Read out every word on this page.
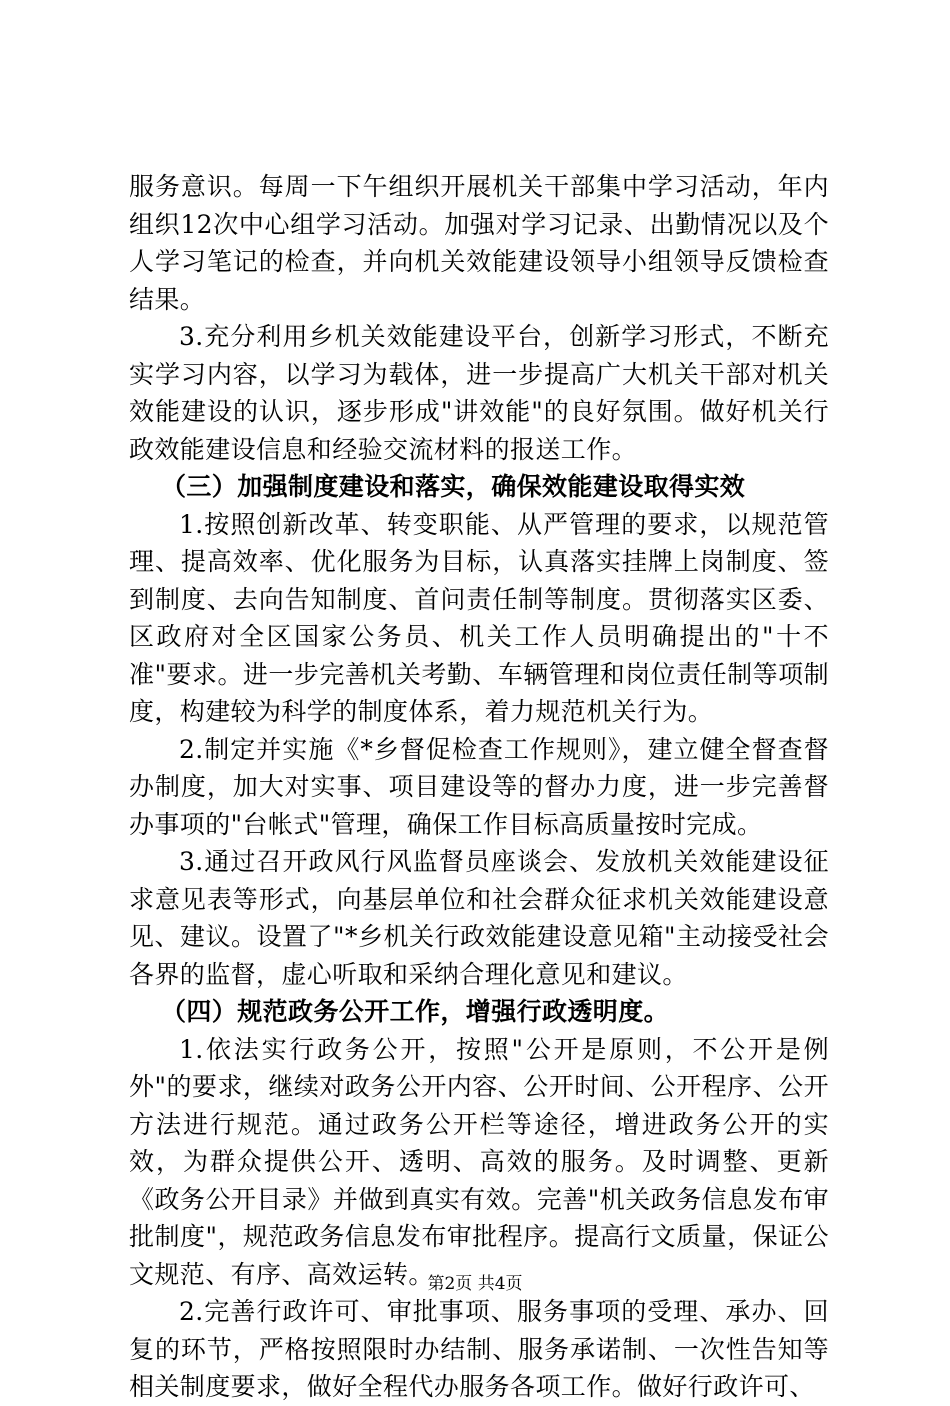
服务意识。每周一下午组织开展机关干部集中学习活动，年内组织12次中心组学习活动。加强对学习记录、出勤情况以及个人学习笔记的检查，并向机关效能建设领导小组领导反馈检查结果。

3.充分利用乡机关效能建设平台，创新学习形式，不断充实学习内容，以学习为载体，进一步提高广大机关干部对机关效能建设的认识，逐步形成"讲效能"的良好氛围。做好机关行政效能建设信息和经验交流材料的报送工作。

（三）加强制度建设和落实，确保效能建设取得实效

1.按照创新改革、转变职能、从严管理的要求，以规范管理、提高效率、优化服务为目标，认真落实挂牌上岗制度、签到制度、去向告知制度、首问责任制等制度。贯彻落实区委、区政府对全区国家公务员、机关工作人员明确提出的"十不准"要求。进一步完善机关考勤、车辆管理和岗位责任制等项制度，构建较为科学的制度体系，着力规范机关行为。

2.制定并实施《*乡督促检查工作规则》，建立健全督查督办制度，加大对实事、项目建设等的督办力度，进一步完善督办事项的"台帐式"管理，确保工作目标高质量按时完成。

3.通过召开政风行风监督员座谈会、发放机关效能建设征求意见表等形式，向基层单位和社会群众征求机关效能建设意见、建议。设置了"*乡机关行政效能建设意见箱"主动接受社会各界的监督，虚心听取和采纳合理化意见和建议。

（四）规范政务公开工作，增强行政透明度。

1.依法实行政务公开，按照"公开是原则，不公开是例外"的要求，继续对政务公开内容、公开时间、公开程序、公开方法进行规范。通过政务公开栏等途径，增进政务公开的实效，为群众提供公开、透明、高效的服务。及时调整、更新《政务公开目录》并做到真实有效。完善"机关政务信息发布审批制度"，规范政务信息发布审批程序。提高行文质量，保证公文规范、有序、高效运转。

2.完善行政许可、审批事项、服务事项的受理、承办、回复的环节，严格按照限时办结制、服务承诺制、一次性告知等相关制度要求，做好全程代办服务各项工作。做好行政许可、

第2页 共4页
